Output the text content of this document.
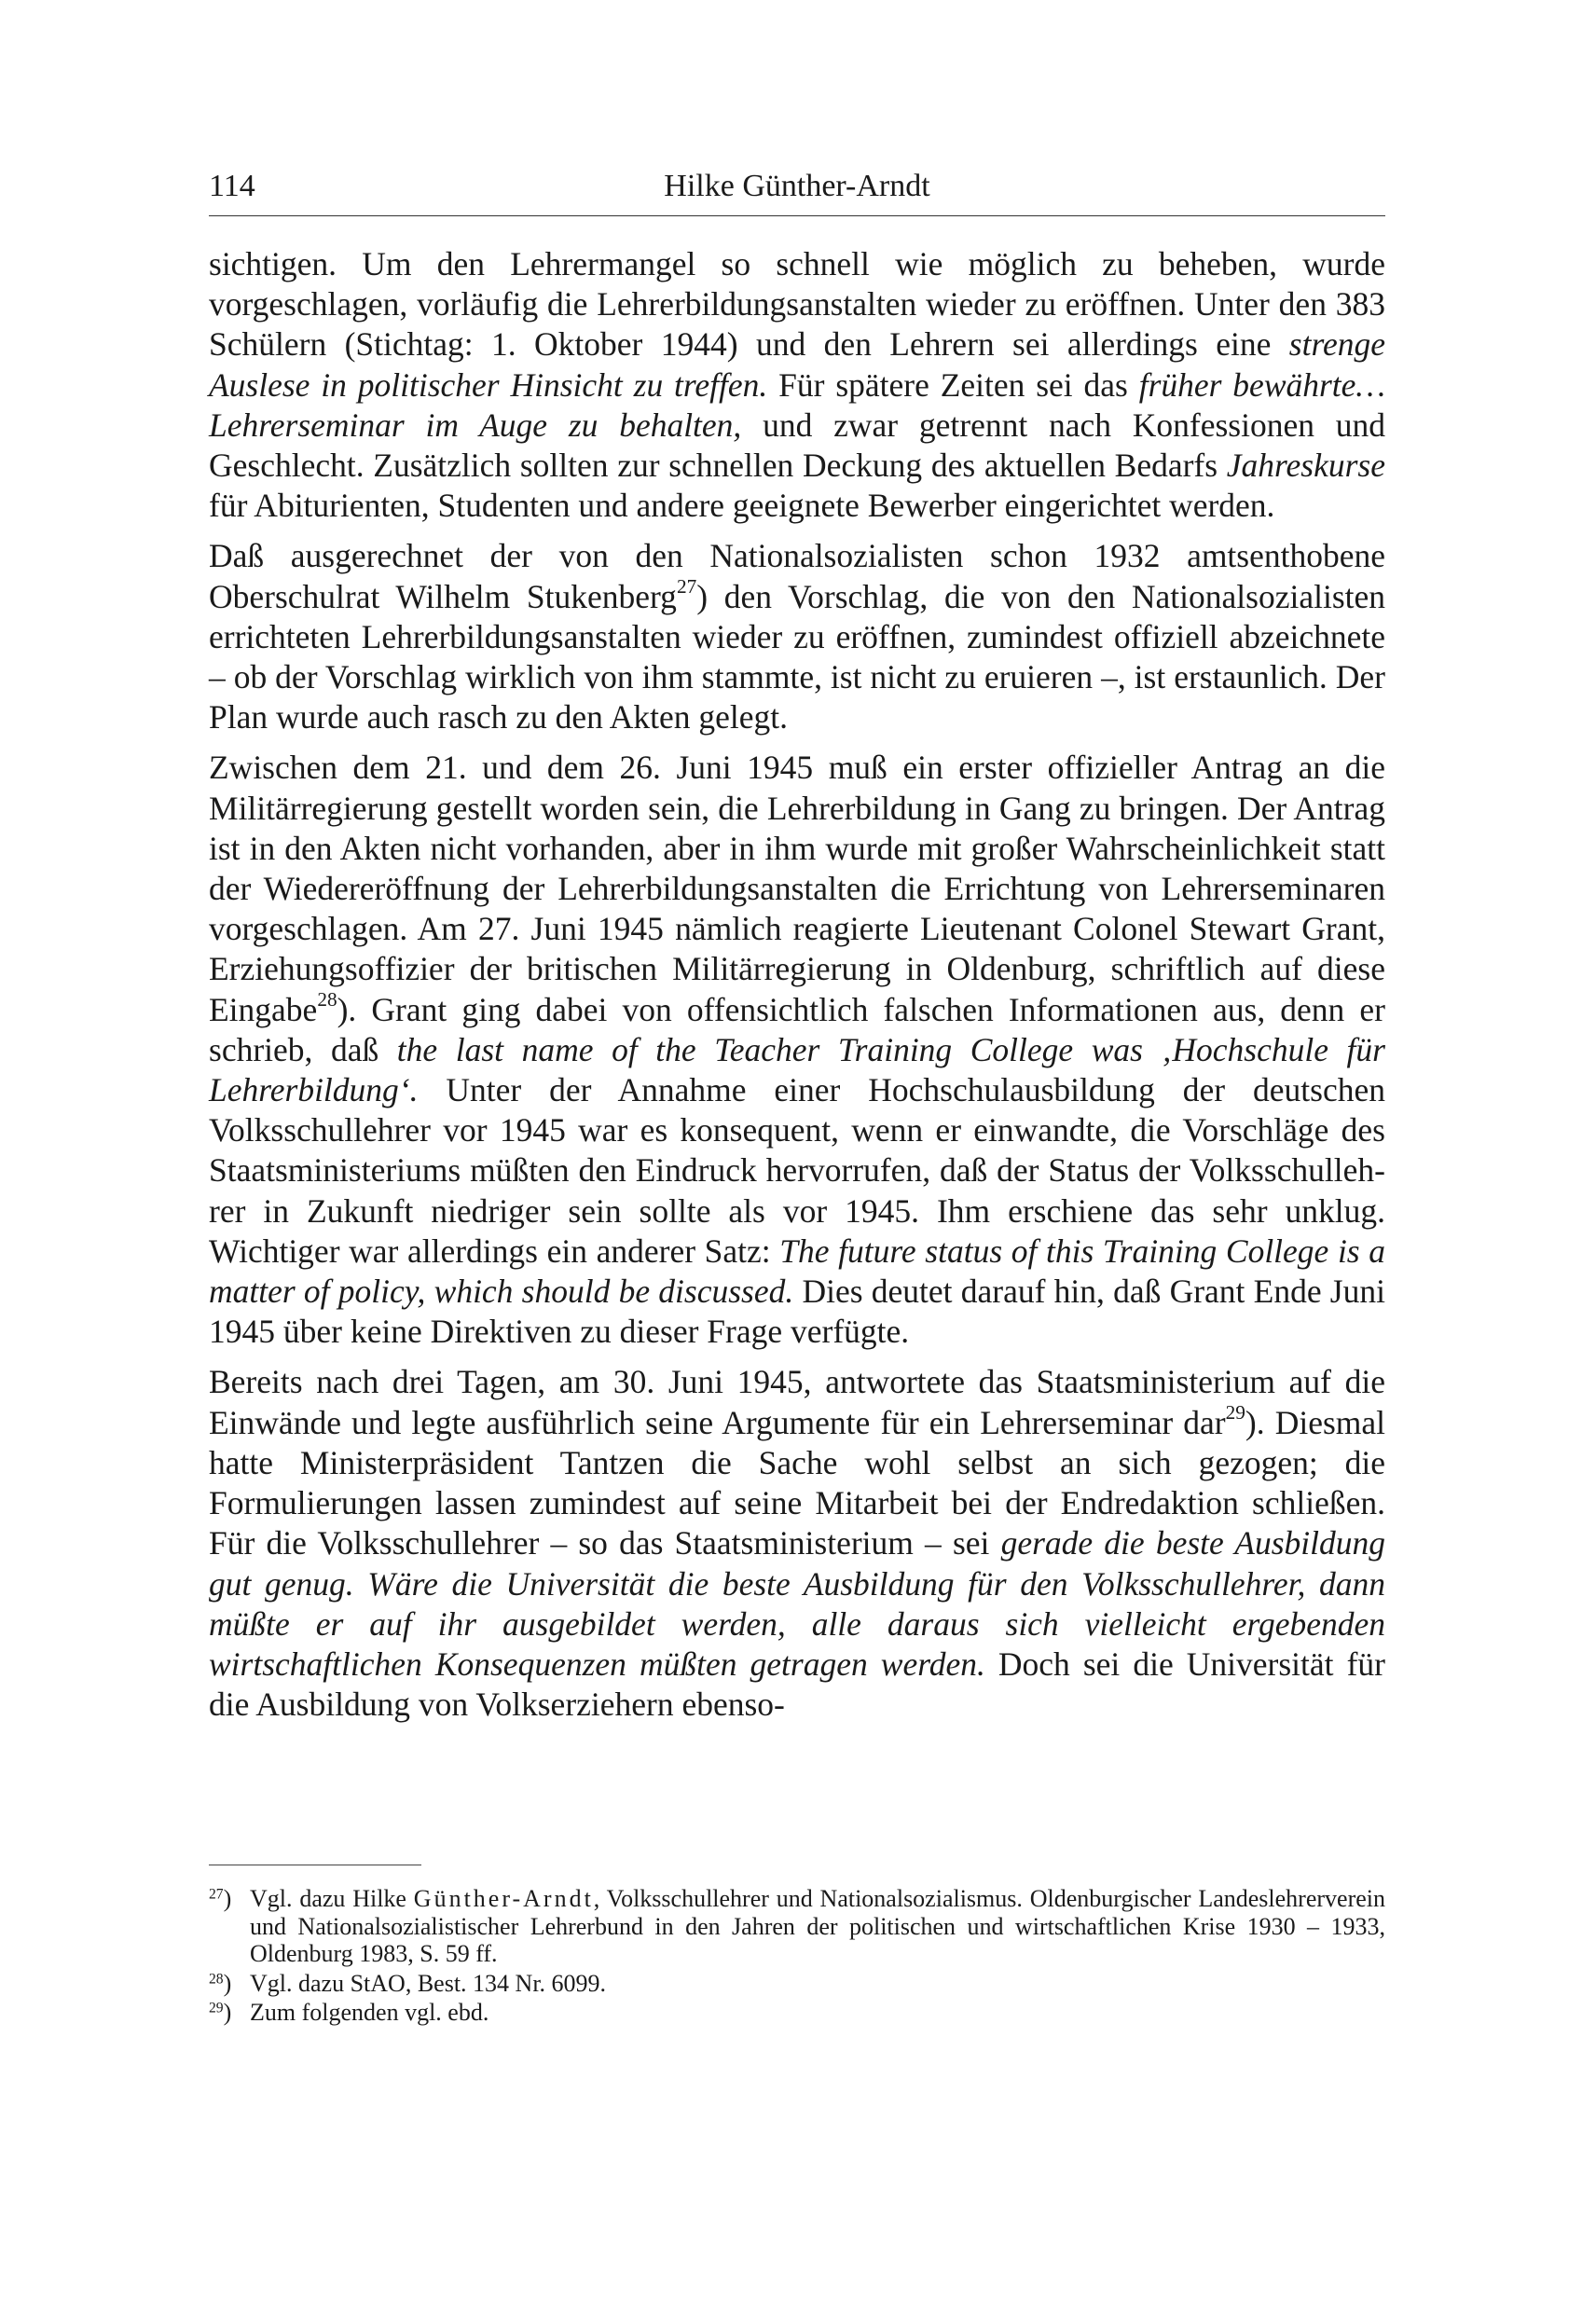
114	Hilke Günther-Arndt

sichtigen. Um den Lehrermangel so schnell wie möglich zu beheben, wurde vorgeschlagen, vorläufig die Lehrerbildungsanstalten wieder zu eröffnen. Unter den 383 Schülern (Stichtag: 1. Oktober 1944) und den Lehrern sei allerdings eine strenge Auslese in politischer Hinsicht zu treffen. Für spätere Zeiten sei das früher bewährte… Lehrerseminar im Auge zu behalten, und zwar getrennt nach Konfessionen und Geschlecht. Zusätzlich sollten zur schnellen Deckung des aktuellen Bedarfs Jahreskurse für Abiturienten, Studenten und andere geeignete Bewerber eingerichtet werden.

Daß ausgerechnet der von den Nationalsozialisten schon 1932 amtsenthobene Oberschulrat Wilhelm Stukenberg$^{27}$) den Vorschlag, die von den Nationalsozialisten errichteten Lehrerbildungsanstalten wieder zu eröffnen, zumindest offiziell abzeichnete – ob der Vorschlag wirklich von ihm stammte, ist nicht zu eruieren –, ist erstaunlich. Der Plan wurde auch rasch zu den Akten gelegt.

Zwischen dem 21. und dem 26. Juni 1945 muß ein erster offizieller Antrag an die Militärregierung gestellt worden sein, die Lehrerbildung in Gang zu bringen. Der Antrag ist in den Akten nicht vorhanden, aber in ihm wurde mit großer Wahrscheinlichkeit statt der Wiedereröffnung der Lehrerbildungsanstalten die Errichtung von Lehrerseminaren vorgeschlagen. Am 27. Juni 1945 nämlich reagierte Lieutenant Colonel Stewart Grant, Erziehungsoffizier der britischen Militärregierung in Oldenburg, schriftlich auf diese Eingabe$^{28}$). Grant ging dabei von offensichtlich falschen Informationen aus, denn er schrieb, daß the last name of the Teacher Training College was ‚Hochschule für Lehrerbildung‘. Unter der Annahme einer Hochschulausbildung der deutschen Volksschullehrer vor 1945 war es konsequent, wenn er einwandte, die Vorschläge des Staatsministeriums müßten den Eindruck hervorrufen, daß der Status der Volksschullehrer in Zukunft niedriger sein sollte als vor 1945. Ihm erschiene das sehr unklug. Wichtiger war allerdings ein anderer Satz: The future status of this Training College is a matter of policy, which should be discussed. Dies deutet darauf hin, daß Grant Ende Juni 1945 über keine Direktiven zu dieser Frage verfügte.

Bereits nach drei Tagen, am 30. Juni 1945, antwortete das Staatsministerium auf die Einwände und legte ausführlich seine Argumente für ein Lehrerseminar dar$^{29}$). Diesmal hatte Ministerpräsident Tantzen die Sache wohl selbst an sich gezogen; die Formulierungen lassen zumindest auf seine Mitarbeit bei der Endredaktion schließen. Für die Volksschullehrer – so das Staatsministerium – sei gerade die beste Ausbildung gut genug. Wäre die Universität die beste Ausbildung für den Volksschullehrer, dann müßte er auf ihr ausgebildet werden, alle daraus sich vielleicht ergebenden wirtschaftlichen Konsequenzen müßten getragen werden. Doch sei die Universität für die Ausbildung von Volkserziehern ebenso-

$^{27}$) Vgl. dazu Hilke Günther-Arndt, Volksschullehrer und Nationalsozialismus. Oldenburgischer Landeslehrerverein und Nationalsozialistischer Lehrerbund in den Jahren der politischen und wirtschaftlichen Krise 1930 – 1933, Oldenburg 1983, S. 59 ff.

$^{28}$) Vgl. dazu StAO, Best. 134 Nr. 6099.

$^{29}$) Zum folgenden vgl. ebd.
